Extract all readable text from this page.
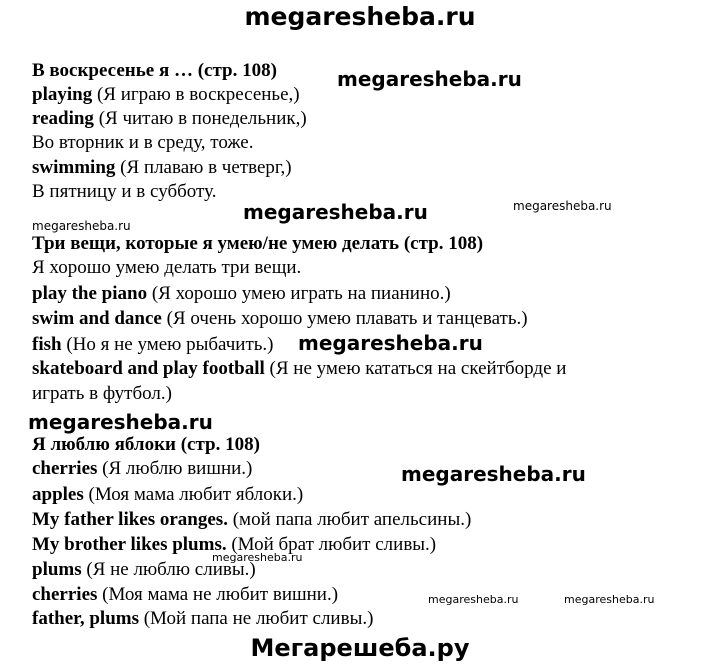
megaresheba.ru

В воскресенье я … (стр. 108)

playing (Я играю в воскресенье,)

reading (Я читаю в понедельник,)

Во вторник и в среду, тоже.

swimming (Я плаваю в четверг,)

В пятницу и в субботу.

Три вещи, которые я умею/не умею делать (стр. 108)

Я хорошо умею делать три вещи.

play the piano (Я хорошо умею играть на пианино.)

swim and dance (Я очень хорошо умею плавать и танцевать.)

fish (Но я не умею рыбачить.)

skateboard and play football (Я не умею кататься на скейтборде и

играть в футбол.)

Я люблю яблоки (стр. 108)

cherries (Я люблю вишни.)

apples (Моя мама любит яблоки.)

My father likes oranges. (мой папа любит апельсины.)

My brother likes plums. (Мой брат любит сливы.)

plums (Я не люблю сливы.)

cherries (Моя мама не любит вишни.)

father, plums (Мой папа не любит сливы.)

megaresheba.ru

megaresheba.ru	megaresheba.ru

megaresheba.ru

megaresheba.ru

megaresheba.ru

megaresheba.ru

megaresheba.ru

megaresheba.ru	megaresheba.ru

Мегарешеба.ру
